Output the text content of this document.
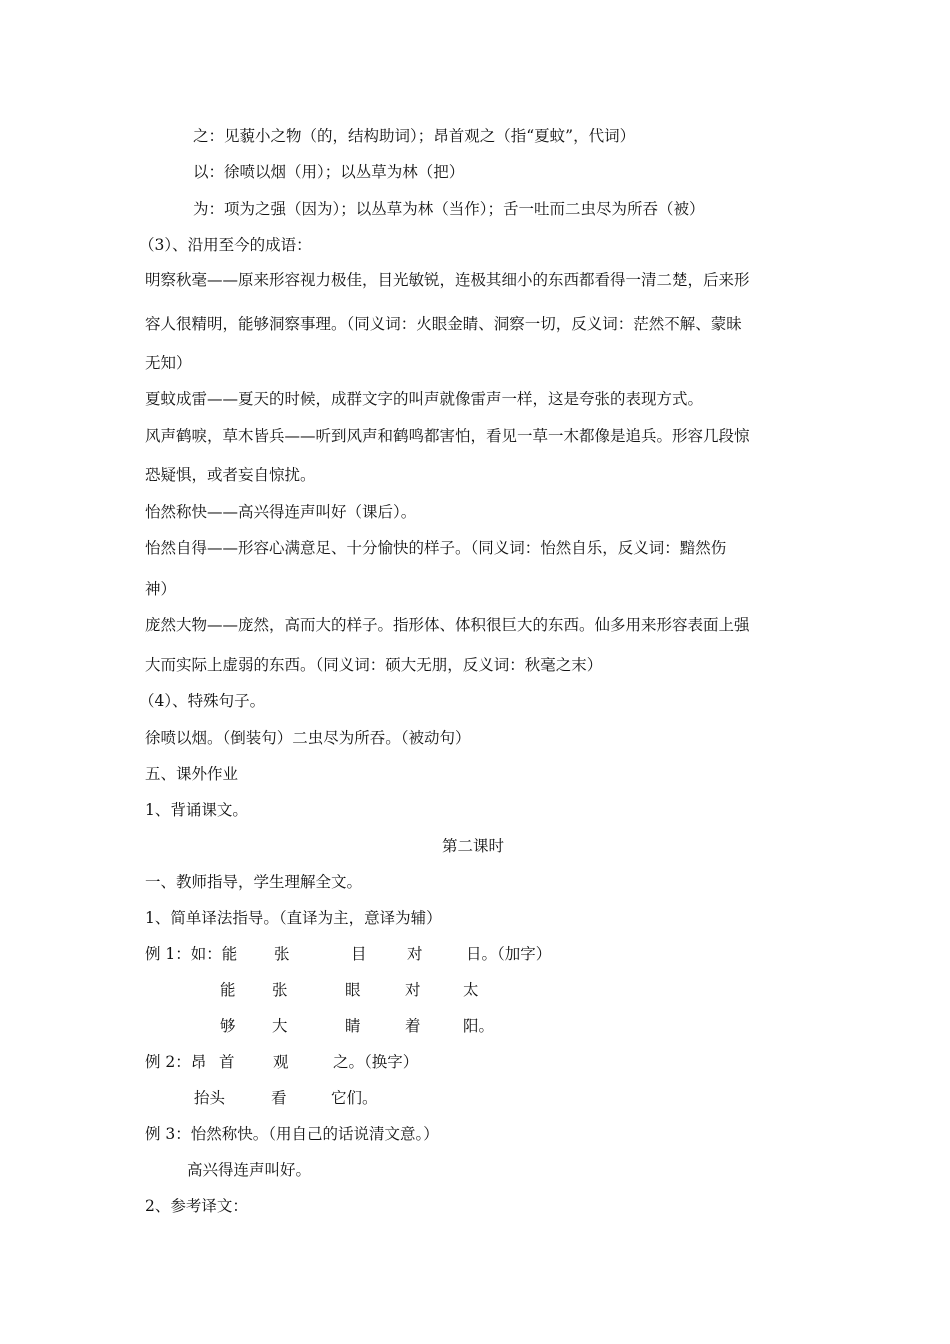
之：见藐小之物（的，结构助词）；昂首观之（指“夏蚊”，代词）
以：徐喷以烟（用）；以丛草为林（把）
为：项为之强（因为）；以丛草为林（当作）；舌一吐而二虫尽为所吞（被）
（3）、沿用至今的成语：
明察秋毫——原来形容视力极佳，目光敏锐，连极其细小的东西都看得一清二楚，后来形
容人很精明，能够洞察事理。（同义词：火眼金睛、洞察一切，反义词：茫然不解、蒙昧
无知）
夏蚊成雷——夏天的时候，成群文字的叫声就像雷声一样，这是夸张的表现方式。
风声鹤唳，草木皆兵——听到风声和鹤鸣都害怕，看见一草一木都像是追兵。形容几段惊
恐疑惧，或者妄自惊扰。
怡然称快——高兴得连声叫好（课后）。
怡然自得——形容心满意足、十分愉快的样子。（同义词：怡然自乐，反义词：黯然伤
神）
庞然大物——庞然，高而大的样子。指形体、体积很巨大的东西。仙多用来形容表面上强
大而实际上虚弱的东西。（同义词：硕大无朋，反义词：秋毫之末）
（4）、特殊句子。
徐喷以烟。（倒装句）二虫尽为所吞。（被动句）
五、课外作业
1、背诵课文。
第二课时
一、教师指导，学生理解全文。
1、简单译法指导。（直译为主，意译为辅）
例 1：如：能 张	目	对	日。（加字）
能 张	眼	对	太
够 大	睛	着	阳。
例 2：昂 首 观	之。（换字）
抬头	看	它们。
例 3：怡然称快。（用自己的话说清文意。）
高兴得连声叫好。
2、参考译文：
